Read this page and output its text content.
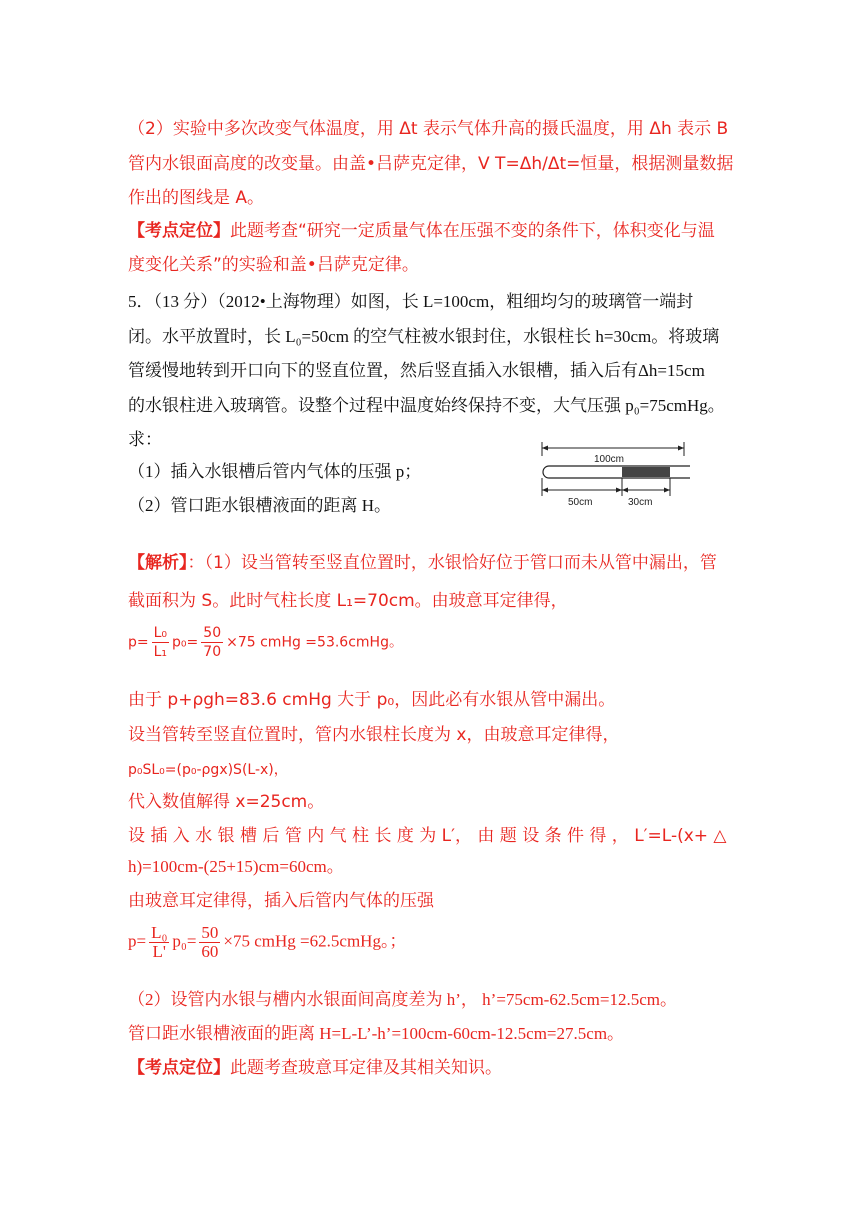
（2）实验中多次改变气体温度，用 Δt 表示气体升高的摄氏温度，用 Δh 表示 B
管内水银面高度的改变量。由盖•吕萨克定律，V T=Δh/Δt=恒量，根据测量数据
作出的图线是 A。
【考点定位】此题考查“研究一定质量气体在压强不变的条件下，体积变化与温
度变化关系”的实验和盖•吕萨克定律。
5．（13 分）（2012•上海物理）如图，长 L=100cm，粗细均匀的玻璃管一端封
闭。水平放置时，长 L₀=50cm 的空气柱被水银封住，水银柱长 h=30cm。将玻璃
管缓慢地转到开口向下的竖直位置，然后竖直插入水银槽，插入后有Δh=15cm
的水银柱进入玻璃管。设整个过程中温度始终保持不变，大气压强 p₀=75cmHg。
求：
（1）插入水银槽后管内气体的压强 p；
（2）管口距水银槽液面的距离 H。
100cm
50cm	30cm
【解析】：（1）设当管转至竖直位置时，水银恰好位于管口而未从管中漏出，管
截面积为 S。此时气柱长度 L₁=70cm。由玻意耳定律得，
$p= \frac{\text{L₀}}{\text{L₁}} p_0= \frac{50}{70} \times 75$ cmHg =53.6cmHg。
由于 p+ρgh=83.6 cmHg 大于 p₀，因此必有水银从管中漏出。
设当管转至竖直位置时，管内水银柱长度为 x，由玻意耳定律得，
p₀SL₀=(p₀-ρgx)S(L-x)，
代入数值解得 x=25cm。
设 插 入 水 银 槽 后 管 内 气 柱 长 度 为 L′， 由 题 设 条 件 得 ， L′=L-(x+ △
h)=100cm-(25+15)cm=60cm。
由玻意耳定律得，插入后管内气体的压强
$p= \frac{\text{L₀}}{L'} p_0= \frac{50}{60} \times 75$ cmHg =62.5cmHg。；
（2）设管内水银与槽内水银面间高度差为 h’， h’=75cm-62.5cm=12.5cm。
管口距水银槽液面的距离 H=L-L’-h’=100cm-60cm-12.5cm=27.5cm。
【考点定位】此题考查玻意耳定律及其相关知识。
